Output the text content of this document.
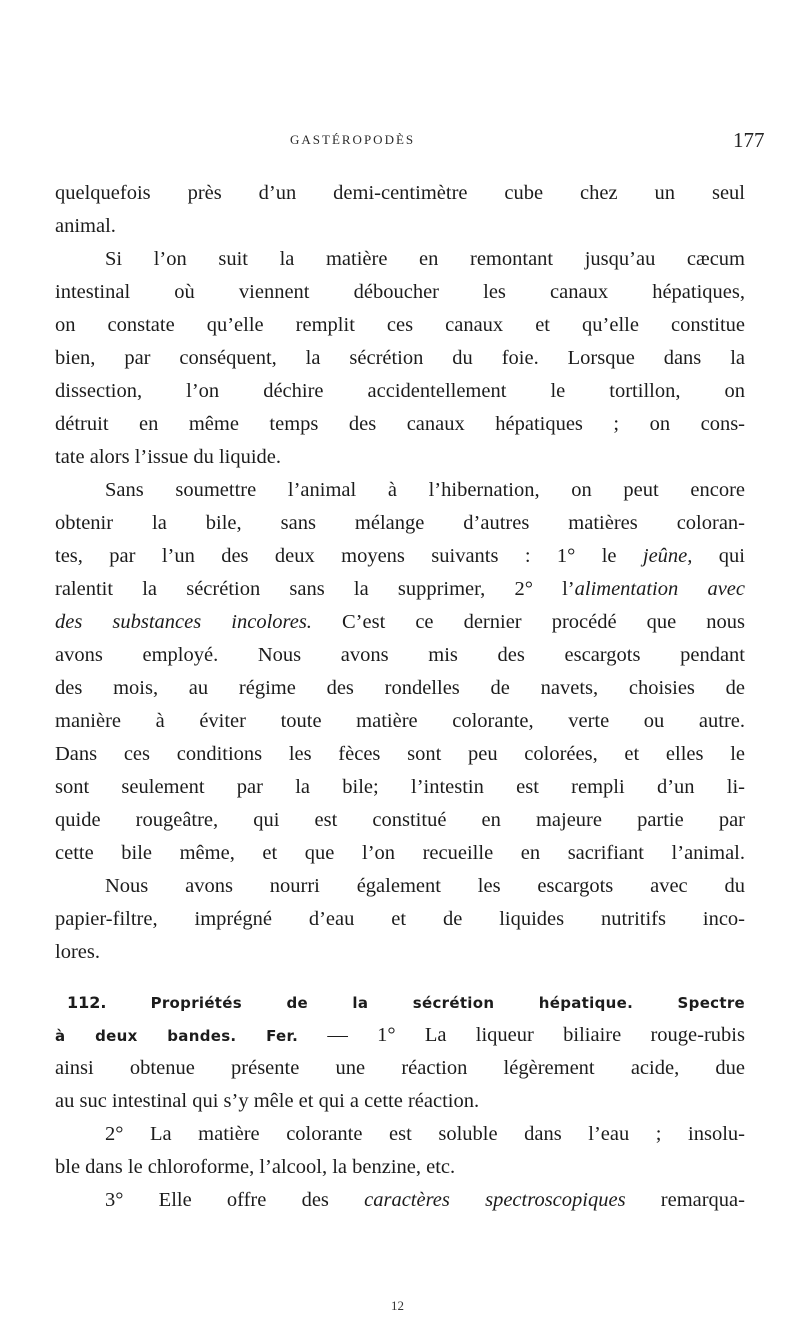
GASTÉROPODÈS	177
quelquefois près d’un demi-centimètre cube chez un seul
animal.
Si l’on suit la matière en remontant jusqu’au cæcum
intestinal où viennent déboucher les canaux hépatiques,
on constate qu’elle remplit ces canaux et qu’elle constitue
bien, par conséquent, la sécrétion du foie. Lorsque dans la
dissection, l’on déchire accidentellement le tortillon, on
détruit en même temps des canaux hépatiques ; on cons-
tate alors l’issue du liquide.
Sans soumettre l’animal à l’hibernation, on peut encore
obtenir la bile, sans mélange d’autres matières coloran-
tes, par l’un des deux moyens suivants : 1° le jeûne, qui
ralentit la sécrétion sans la supprimer, 2° l’alimentation avec
des substances incolores. C’est ce dernier procédé que nous
avons employé. Nous avons mis des escargots pendant
des mois, au régime des rondelles de navets, choisies de
manière à éviter toute matière colorante, verte ou autre.
Dans ces conditions les fèces sont peu colorées, et elles le
sont seulement par la bile; l’intestin est rempli d’un li-
quide rougeâtre, qui est constitué en majeure partie par
cette bile même, et que l’on recueille en sacrifiant l’animal.
Nous avons nourri également les escargots avec du
papier-filtre, imprégné d’eau et de liquides nutritifs inco-
lores.
112.	Propriétés de la sécrétion hépatique. Spectre
à deux bandes. Fer. — 1° La liqueur biliaire rouge-rubis
ainsi obtenue présente une réaction légèrement acide, due
au suc intestinal qui s’y mêle et qui a cette réaction.
2° La matière colorante est soluble dans l’eau ; insolu-
ble dans le chloroforme, l’alcool, la benzine, etc.
3° Elle offre des caractères spectroscopiques remarqua-
12
